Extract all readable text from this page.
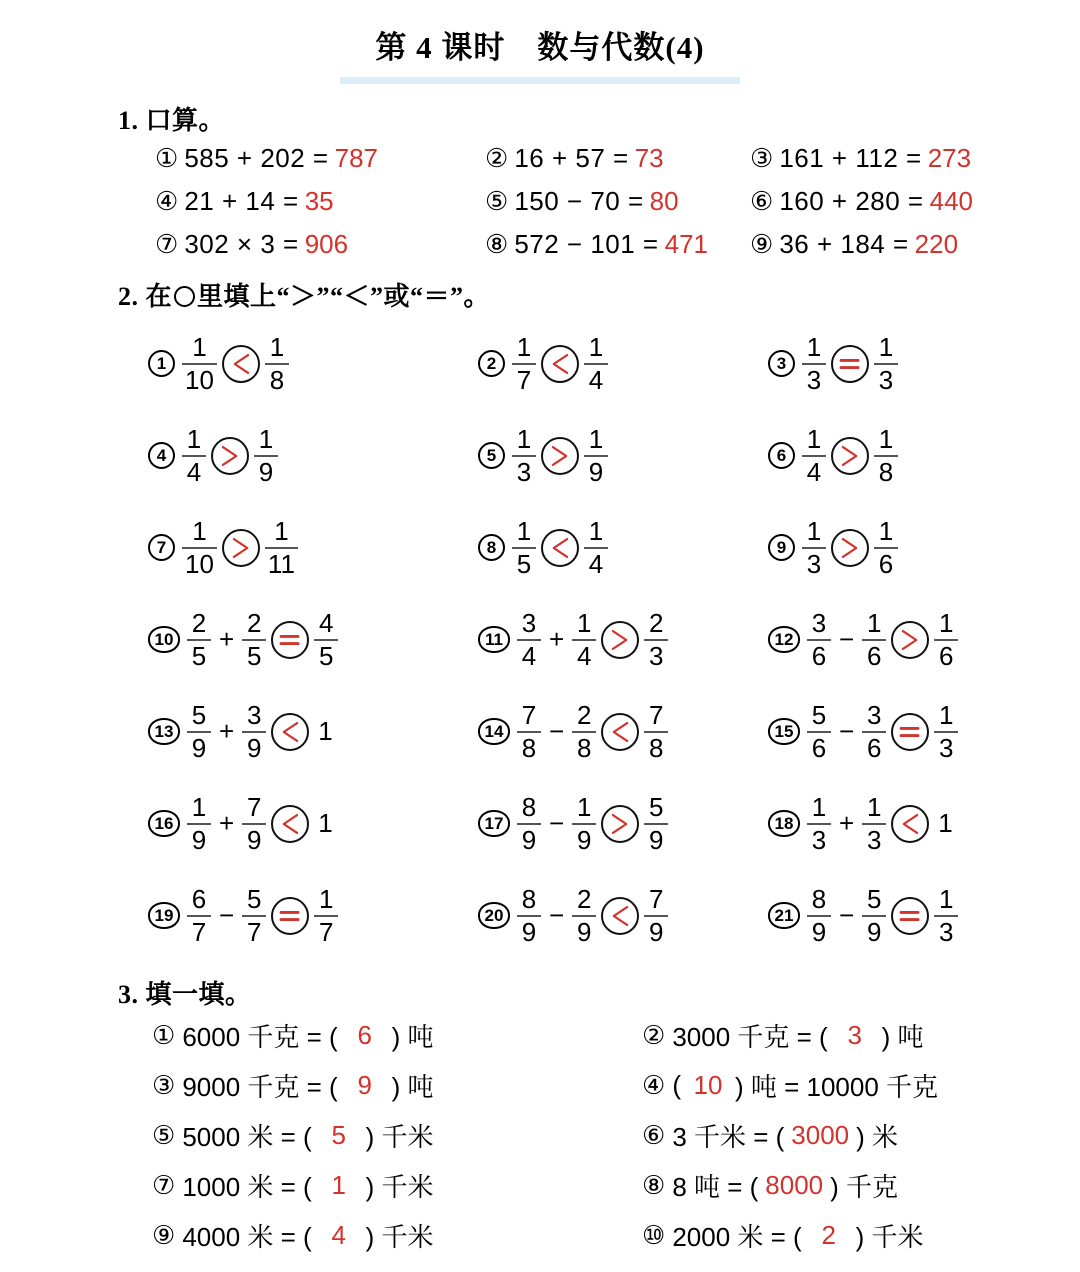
第 4 课时　数与代数(4)
1. 口算。
① 585 + 202 = 787	② 16 + 57 = 73	③ 161 + 112 = 273
④ 21 + 14 = 35	⑤ 150 − 70 = 80	⑥ 160 + 280 = 440
⑦ 302 × 3 = 906	⑧ 572 − 101 = 471 ⑨ 36 + 184 = 220
2. 在 里填上“＞”“＜”或“＝”。
$1 \frac{1}{10} \frac{1}{8}$	$2 \frac{1}{7} \frac{1}{4}$	$3 \frac{1}{3} \frac{1}{3}$
$4 \frac{1}{4} \frac{1}{9}$	$5 \frac{1}{3} \frac{1}{9}$	$6 \frac{1}{4} \frac{1}{8}$
$7 \frac{1}{10} \frac{1}{11}$	$8 \frac{1}{5} \frac{1}{4}$	$9 \frac{1}{3} \frac{1}{6}$
$10 \frac{2}{5} + \frac{2}{5} \frac{4}{5}$	$11 \frac{3}{4} + \frac{1}{4} \frac{2}{3}$	$12 \frac{3}{6} - \frac{1}{6} \frac{1}{6}$
$13 \frac{5}{9} + \frac{3}{9} 1$	$14 \frac{7}{8} - \frac{2}{8} \frac{7}{8}$	$15 \frac{5}{6} - \frac{3}{6} \frac{1}{3}$
$16 \frac{1}{9} + \frac{7}{9} 1$	$17 \frac{8}{9} - \frac{1}{9} \frac{5}{9}$	$18 \frac{1}{3} + \frac{1}{3} 1$
$19 \frac{6}{7} - \frac{5}{7} \frac{1}{7}$	$20 \frac{8}{9} - \frac{2}{9} \frac{7}{9}$	$21 \frac{8}{9} - \frac{5}{9} \frac{1}{3}$
3. 填一填。
① 6000 千克 = ( 6 ) 吨	② 3000 千克 = ( 3 ) 吨
③ 9000 千克 = ( 9 ) 吨	④ ( 10 ) 吨 = 10000 千克
⑤ 5000 米 = ( 5 ) 千米	⑥ 3 千米 = ( 3000 ) 米
⑦ 1000 米 = ( 1 ) 千米	⑧ 8 吨 = ( 8000 ) 千克
⑨ 4000 米 = ( 4 ) 千米	⑩ 2000 米 = ( 2 ) 千米
